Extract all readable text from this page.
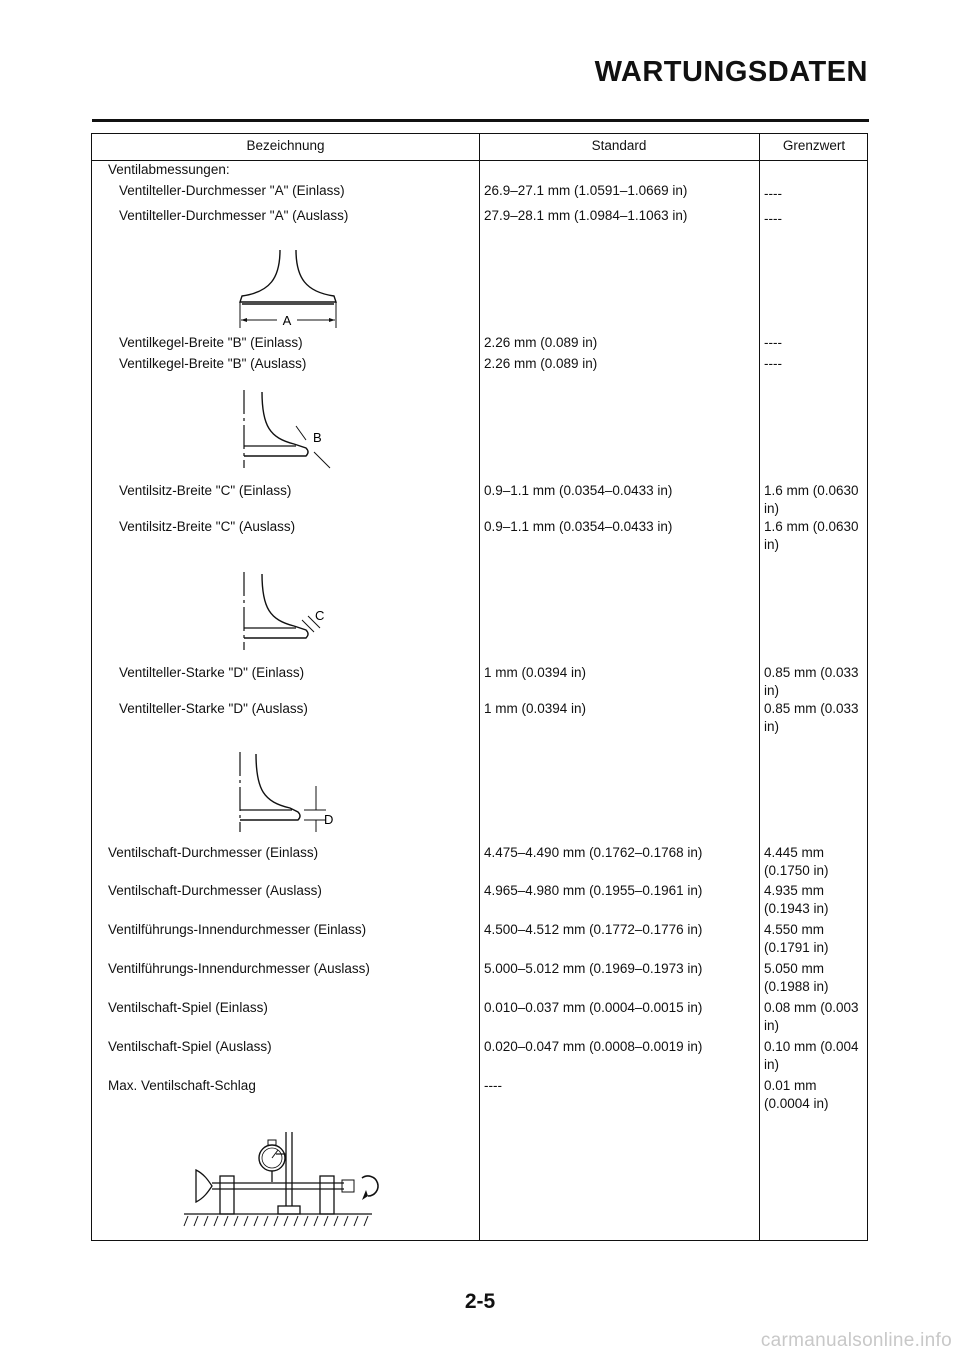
WARTUNGSDATEN
Bezeichnung	Standard	Grenzwert
Ventilabmessungen:
Ventilteller-Durchmesser "A" (Einlass)	26.9–27.1 mm (1.0591–1.0669 in)	----
Ventilteller-Durchmesser "A" (Auslass)	27.9–28.1 mm (1.0984–1.1063 in)	----
A
Ventilkegel-Breite "B" (Einlass)	2.26 mm (0.089 in)	----
Ventilkegel-Breite "B" (Auslass)	2.26 mm (0.089 in)	----
B
Ventilsitz-Breite "C" (Einlass)	0.9–1.1 mm (0.0354–0.0433 in)	1.6 mm (0.0630 in)
Ventilsitz-Breite "C" (Auslass)	0.9–1.1 mm (0.0354–0.0433 in)	1.6 mm (0.0630 in)
C
Ventilteller-Starke "D" (Einlass)	1 mm (0.0394 in)	0.85 mm (0.033 in)
Ventilteller-Starke "D" (Auslass)	1 mm (0.0394 in)	0.85 mm (0.033 in)
D
Ventilschaft-Durchmesser (Einlass)	4.475–4.490 mm (0.1762–0.1768 in)	4.445 mm (0.1750 in)
Ventilschaft-Durchmesser (Auslass)	4.965–4.980 mm (0.1955–0.1961 in)	4.935 mm (0.1943 in)
Ventilführungs-Innendurchmesser (Einlass)	4.500–4.512 mm (0.1772–0.1776 in)	4.550 mm (0.1791 in)
Ventilführungs-Innendurchmesser (Auslass)	5.000–5.012 mm (0.1969–0.1973 in)	5.050 mm (0.1988 in)
Ventilschaft-Spiel (Einlass)	0.010–0.037 mm (0.0004–0.0015 in)	0.08 mm (0.003 in)
Ventilschaft-Spiel (Auslass)	0.020–0.047 mm (0.0008–0.0019 in)	0.10 mm (0.004 in)
Max. Ventilschaft-Schlag	----	0.01 mm (0.0004 in)
2-5
carmanualsonline.info
